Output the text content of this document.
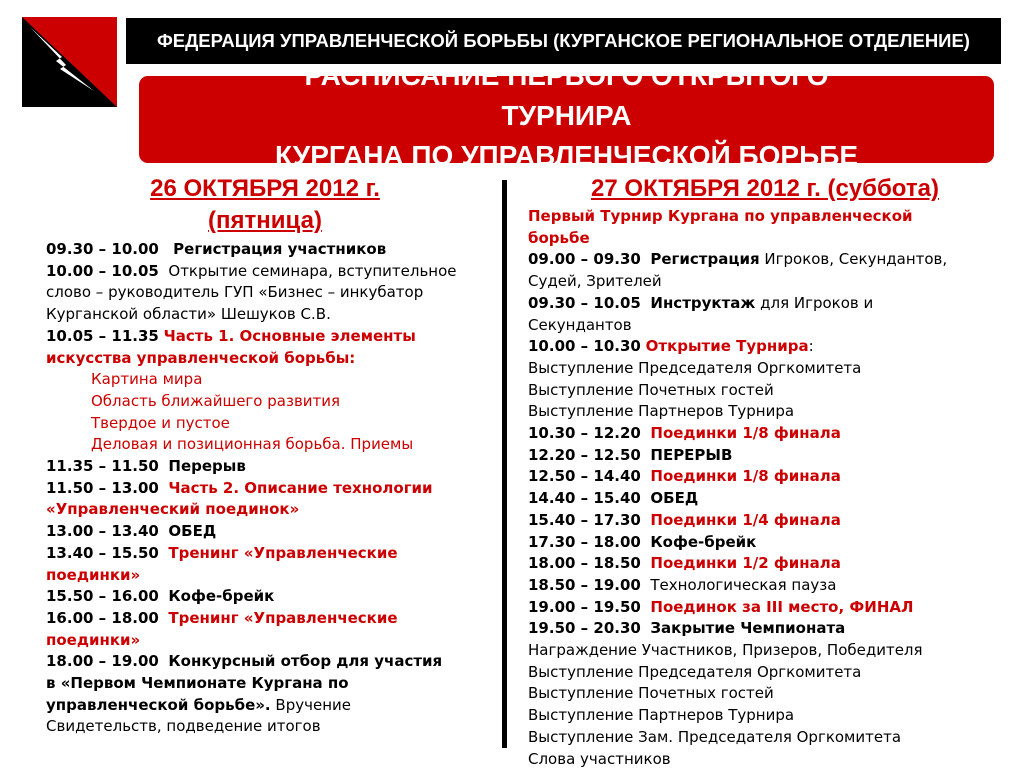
ФЕДЕРАЦИЯ УПРАВЛЕНЧЕСКОЙ БОРЬБЫ (КУРГАНСКОЕ РЕГИОНАЛЬНОЕ ОТДЕЛЕНИЕ)
РАСПИСАНИЕ ПЕРВОГО ОТКРЫТОГО
ТУРНИРА
КУРГАНА ПО УПРАВЛЕНЧЕСКОЙ БОРЬБЕ
26 ОКТЯБРЯ 2012 г.
(пятница)
27 ОКТЯБРЯ 2012 г. (суббота)
09.30 – 10.00 Регистрация участников
10.00 – 10.05 Открытие семинара, вступительное
слово – руководитель ГУП «Бизнес – инкубатор
Курганской области» Шешуков С.В.
10.05 – 11.35 Часть 1. Основные элементы
искусства управленческой борьбы:
Картина мира
Область ближайшего развития
Твердое и пустое
Деловая и позиционная борьба. Приемы
11.35 – 11.50 Перерыв
11.50 – 13.00 Часть 2. Описание технологии
«Управленческий поединок»
13.00 – 13.40 ОБЕД
13.40 – 15.50 Тренинг «Управленческие
поединки»
15.50 – 16.00 Кофе-брейк
16.00 – 18.00 Тренинг «Управленческие
поединки»
18.00 – 19.00 Конкурсный отбор для участия
в «Первом Чемпионате Кургана по
управленческой борьбе». Вручение
Свидетельств, подведение итогов
Первый Турнир Кургана по управленческой
борьбе
09.00 – 09.30 Регистрация Игроков, Секундантов,
Судей, Зрителей
09.30 – 10.05 Инструктаж для Игроков и
Секундантов
10.00 – 10.30 Открытие Турнира:
Выступление Председателя Оргкомитета
Выступление Почетных гостей
Выступление Партнеров Турнира
10.30 – 12.20 Поединки 1/8 финала
12.20 – 12.50 ПЕРЕРЫВ
12.50 – 14.40 Поединки 1/8 финала
14.40 – 15.40 ОБЕД
15.40 – 17.30 Поединки 1/4 финала
17.30 – 18.00 Кофе-брейк
18.00 – 18.50 Поединки 1/2 финала
18.50 – 19.00 Технологическая пауза
19.00 – 19.50 Поединок за III место, ФИНАЛ
19.50 – 20.30 Закрытие Чемпионата
Награждение Участников, Призеров, Победителя
Выступление Председателя Оргкомитета
Выступление Почетных гостей
Выступление Партнеров Турнира
Выступление Зам. Председателя Оргкомитета
Слова участников
